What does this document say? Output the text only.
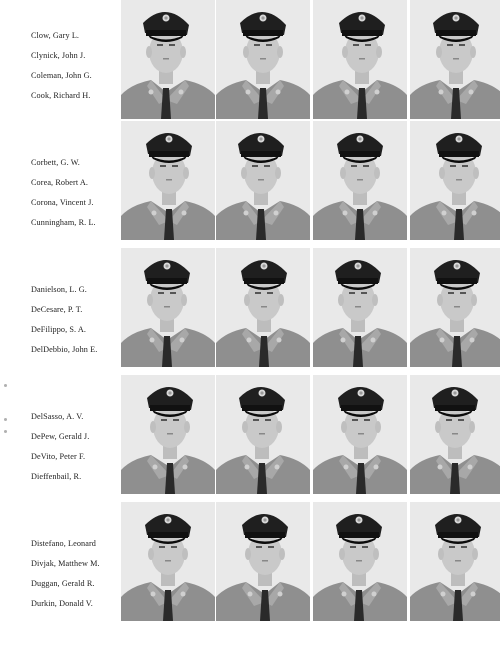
Clow, Gary L.
Clynick, John J.
Coleman, John G.
Cook, Richard H.
Corbett, G. W.
Corea, Robert A.
Corona, Vincent J.
Cunningham, R. L.
Danielson, L. G.
DeCesare, P. T.
DeFilippo, S. A.
DelDebbio, John E.
DelSasso, A. V.
DePew, Gerald J.
DeVito, Peter F.
Dieffenbail, R.
Distefano, Leonard
Divjak, Matthew M.
Duggan, Gerald R.
Durkin, Donald V.
